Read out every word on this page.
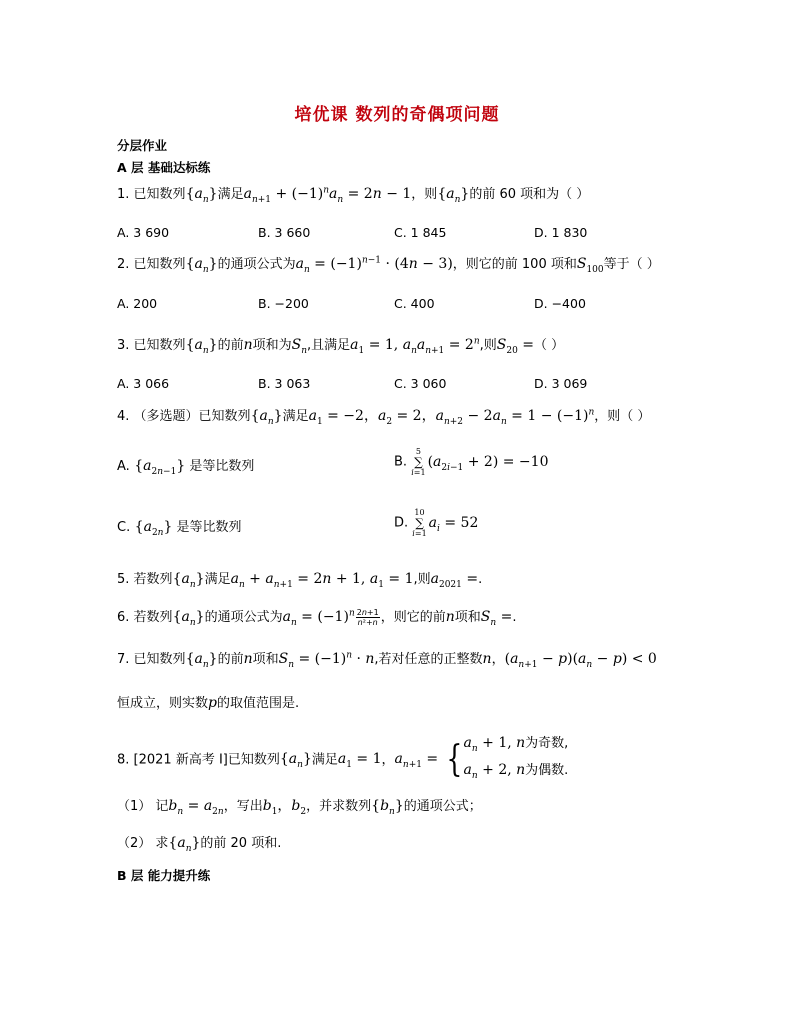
培优课 数列的奇偶项问题
分层作业
A 层 基础达标练
1. 已知数列$\{a_n\}$满足$a_{n+1} + (-1)^na_n = 2n - 1$，则$\{a_n\}$的前 60 项和为（ ）
A. 3 690	B. 3 660	C. 1 845	D. 1 830
2. 已知数列$\{a_n\}$的通项公式为$a_n = (-1)^{n-1} \cdot (4n - 3)$，则它的前 100 项和$S_{100}$等于（ ）
A. 200	B. −200	C. 400	D. −400
3. 已知数列$\{a_n\}$的前n项和为$S_n$,且满足$a_1 = 1$, $a_na_{n+1} = 2^n$,则$S_{20}$ =（ ）
A. 3 066	B. 3 063	C. 3 060	D. 3 069
4. （多选题）已知数列$\{a_n\}$满足$a_1 = -2$，$a_2 = 2$，$a_{n+2} - 2a_n = 1 - (-1)^n$，则（ ）
A. $\{a_{2n-1}\}$ 是等比数列	B.
5
∑
i=1
$(a_{2i-1} + 2) = -10$
C. $\{a_{2n}\}$ 是等比数列	D.
10
∑
i=1
$a_i = 52$
5. 若数列$\{a_n\}$满足$a_n + a_{n+1} = 2n + 1$, $a_1 = 1$,则$a_{2021}$ =.
6. 若数列$\{a_n\}$的通项公式为$a_n = (-1)^n \frac{2n+1}{\text{n²+n}}$ ，则它的前n项和$S_n$ =.
7. 已知数列$\{a_n\}$的前n项和$S_n = (-1)^n \cdot n$,若对任意的正整数n，$(a_{n+1} - p)(a_n - p) < 0$
恒成立，则实数p的取值范围是.
8. [2021 新高考 Ⅰ]已知数列$\{a_n\}$满足$a_1 = 1$，$a_{n+1}$ = { $a_n + 1$, n为奇数,
$a_n + 2$, n为偶数.
（1） 记$b_n = a_{2n}$，写出$b_1$，$b_2$，并求数列$\{b_n\}$的通项公式；
（2） 求$\{a_n\}$的前 20 项和.
B 层 能力提升练
